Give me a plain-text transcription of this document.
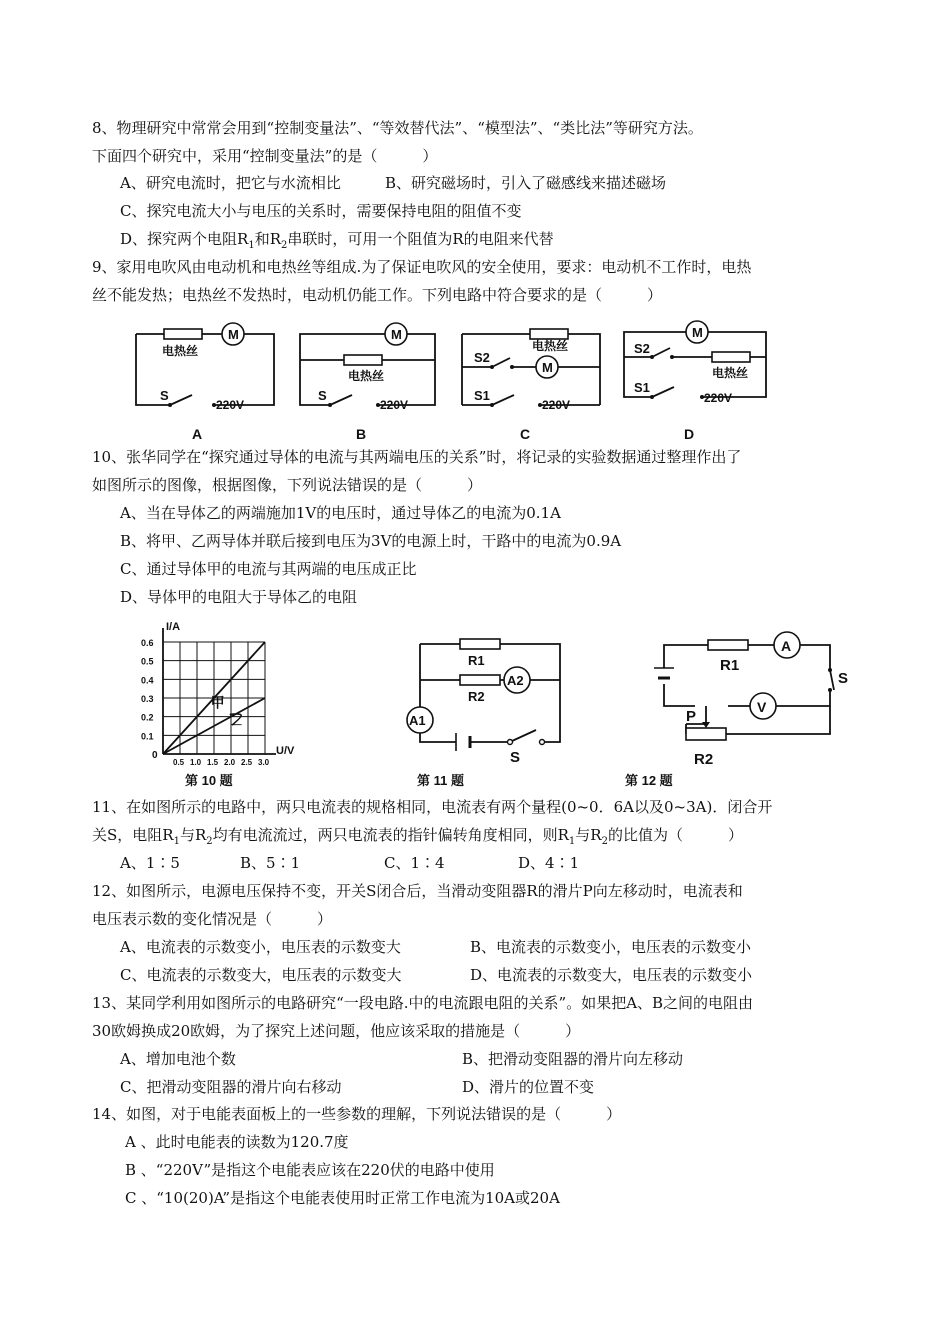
8、物理研究中常常会用到“控制变量法”、“等效替代法”、“模型法”、“类比法”等研究方法。
下面四个研究中，采用“控制变量法”的是（　　　）
A、研究电流时，把它与水流相比	B、研究磁场时，引入了磁感线来描述磁场
C、探究电流大小与电压的关系时，需要保持电阻的阻值不变
D、探究两个电阻$R_1$和$R_2$串联时，可用一个阻值为R的电阻来代替
9、家用电吹风由电动机和电热丝等组成.为了保证电吹风的安全使用，要求：电动机不工作时，电热
丝不能发热；电热丝不发热时，电动机仍能工作。下列电路中符合要求的是（　　　）
M
电热丝
S
220V
A
M
电热丝
S
220V
B
电热丝
M
S2
S1
220V
C
M
S2
电热丝
S1
220V
D
10、张华同学在“探究通过导体的电流与其两端电压的关系”时，将记录的实验数据通过整理作出了
如图所示的图像，根据图像，下列说法错误的是（　　　）
A、当在导体乙的两端施加1V的电压时，通过导体乙的电流为0.1A
B、将甲、乙两导体并联后接到电压为3V的电源上时，干路中的电流为0.9A
C、通过导体甲的电流与其两端的电压成正比
D、导体甲的电阻大于导体乙的电阻
0.5 1.0 1.5 2.0 2.5 3.0
0.1
0.2
0.3
0.4
0.5
0.6
I/A
U/V
0
甲
乙
第 10 题
R1
R2
A2
A1
S
第 11 题
R1
A
S
V
P
R2
第 12 题
11、在如图所示的电路中，两只电流表的规格相同，电流表有两个量程(0~0．6A以及0~3A)．闭合开
关S，电阻$R_1$与$R_2$均有电流流过，两只电流表的指针偏转角度相同，则$R_1$与$R_2$的比值为（　　　）
A、1∶5	B、5∶1	C、1∶4	D、4∶1
12、如图所示，电源电压保持不变，开关S闭合后，当滑动变阻器R的滑片P向左移动时，电流表和
电压表示数的变化情况是（　　　）
A、电流表的示数变小，电压表的示数变大	B、电流表的示数变小，电压表的示数变小
C、电流表的示数变大，电压表的示数变大	D、电流表的示数变大，电压表的示数变小
13、某同学利用如图所示的电路研究“一段电路.中的电流跟电阻的关系”。如果把A、B之间的电阻由
30欧姆换成20欧姆，为了探究上述问题，他应该采取的措施是（　　　）
A、增加电池个数	B、把滑动变阻器的滑片向左移动
C、把滑动变阻器的滑片向右移动	D、滑片的位置不变
14、如图，对于电能表面板上的一些参数的理解，下列说法错误的是（　　　）
A 、此时电能表的读数为120.7度
B 、“220V”是指这个电能表应该在220伏的电路中使用
C 、“10(20)A”是指这个电能表使用时正常工作电流为10A或20A
